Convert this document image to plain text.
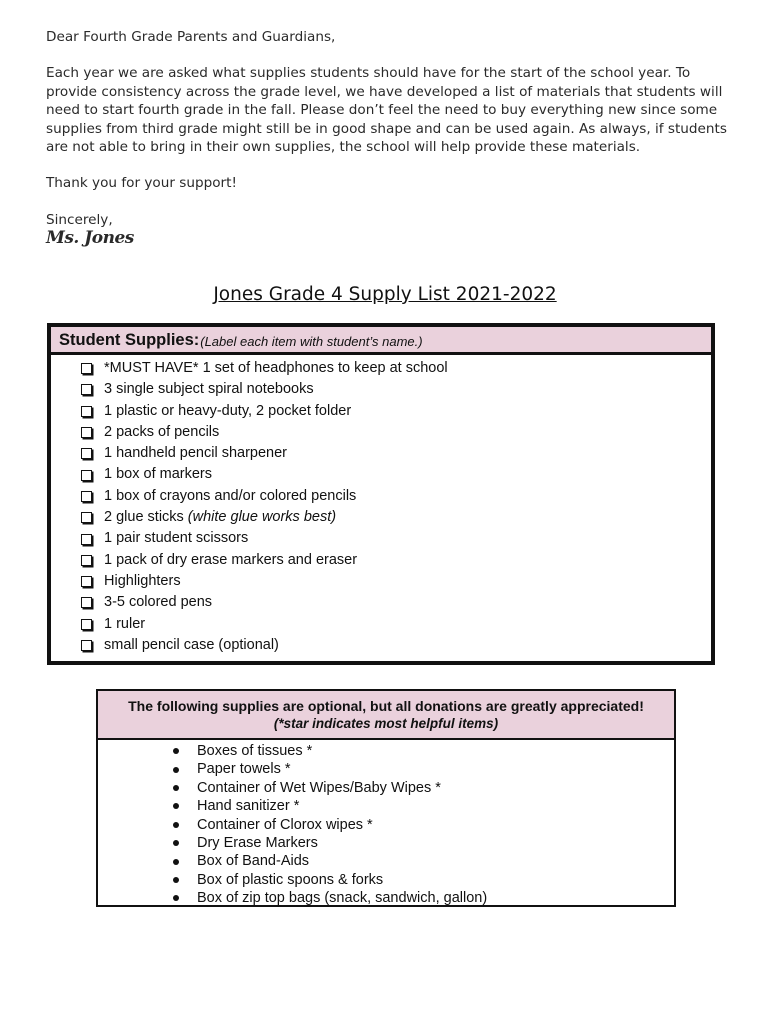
Dear Fourth Grade Parents and Guardians,

Each year we are asked what supplies students should have for the start of the school year. To provide consistency across the grade level, we have developed a list of materials that students will need to start fourth grade in the fall. Please don’t feel the need to buy everything new since some supplies from third grade might still be in good shape and can be used again. As always, if students are not able to bring in their own supplies, the school will help provide these materials.

Thank you for your support!

Sincerely,

Ms. Jones

Jones Grade 4 Supply List 2021-2022
Student Supplies: (Label each item with student’s name.)
*MUST HAVE* 1 set of headphones to keep at school
3 single subject spiral notebooks
1 plastic or heavy-duty, 2 pocket folder
2 packs of pencils
1 handheld pencil sharpener
1 box of markers
1 box of crayons and/or colored pencils
2 glue sticks (white glue works best)
1 pair student scissors
1 pack of dry erase markers and eraser
Highlighters
3-5 colored pens
1 ruler
small pencil case (optional)
The following supplies are optional, but all donations are greatly appreciated!
(*star indicates most helpful items)
Boxes of tissues *
Paper towels *
Container of Wet Wipes/Baby Wipes *
Hand sanitizer *
Container of Clorox wipes *
Dry Erase Markers
Box of Band-Aids
Box of plastic spoons & forks
Box of zip top bags (snack, sandwich, gallon)
